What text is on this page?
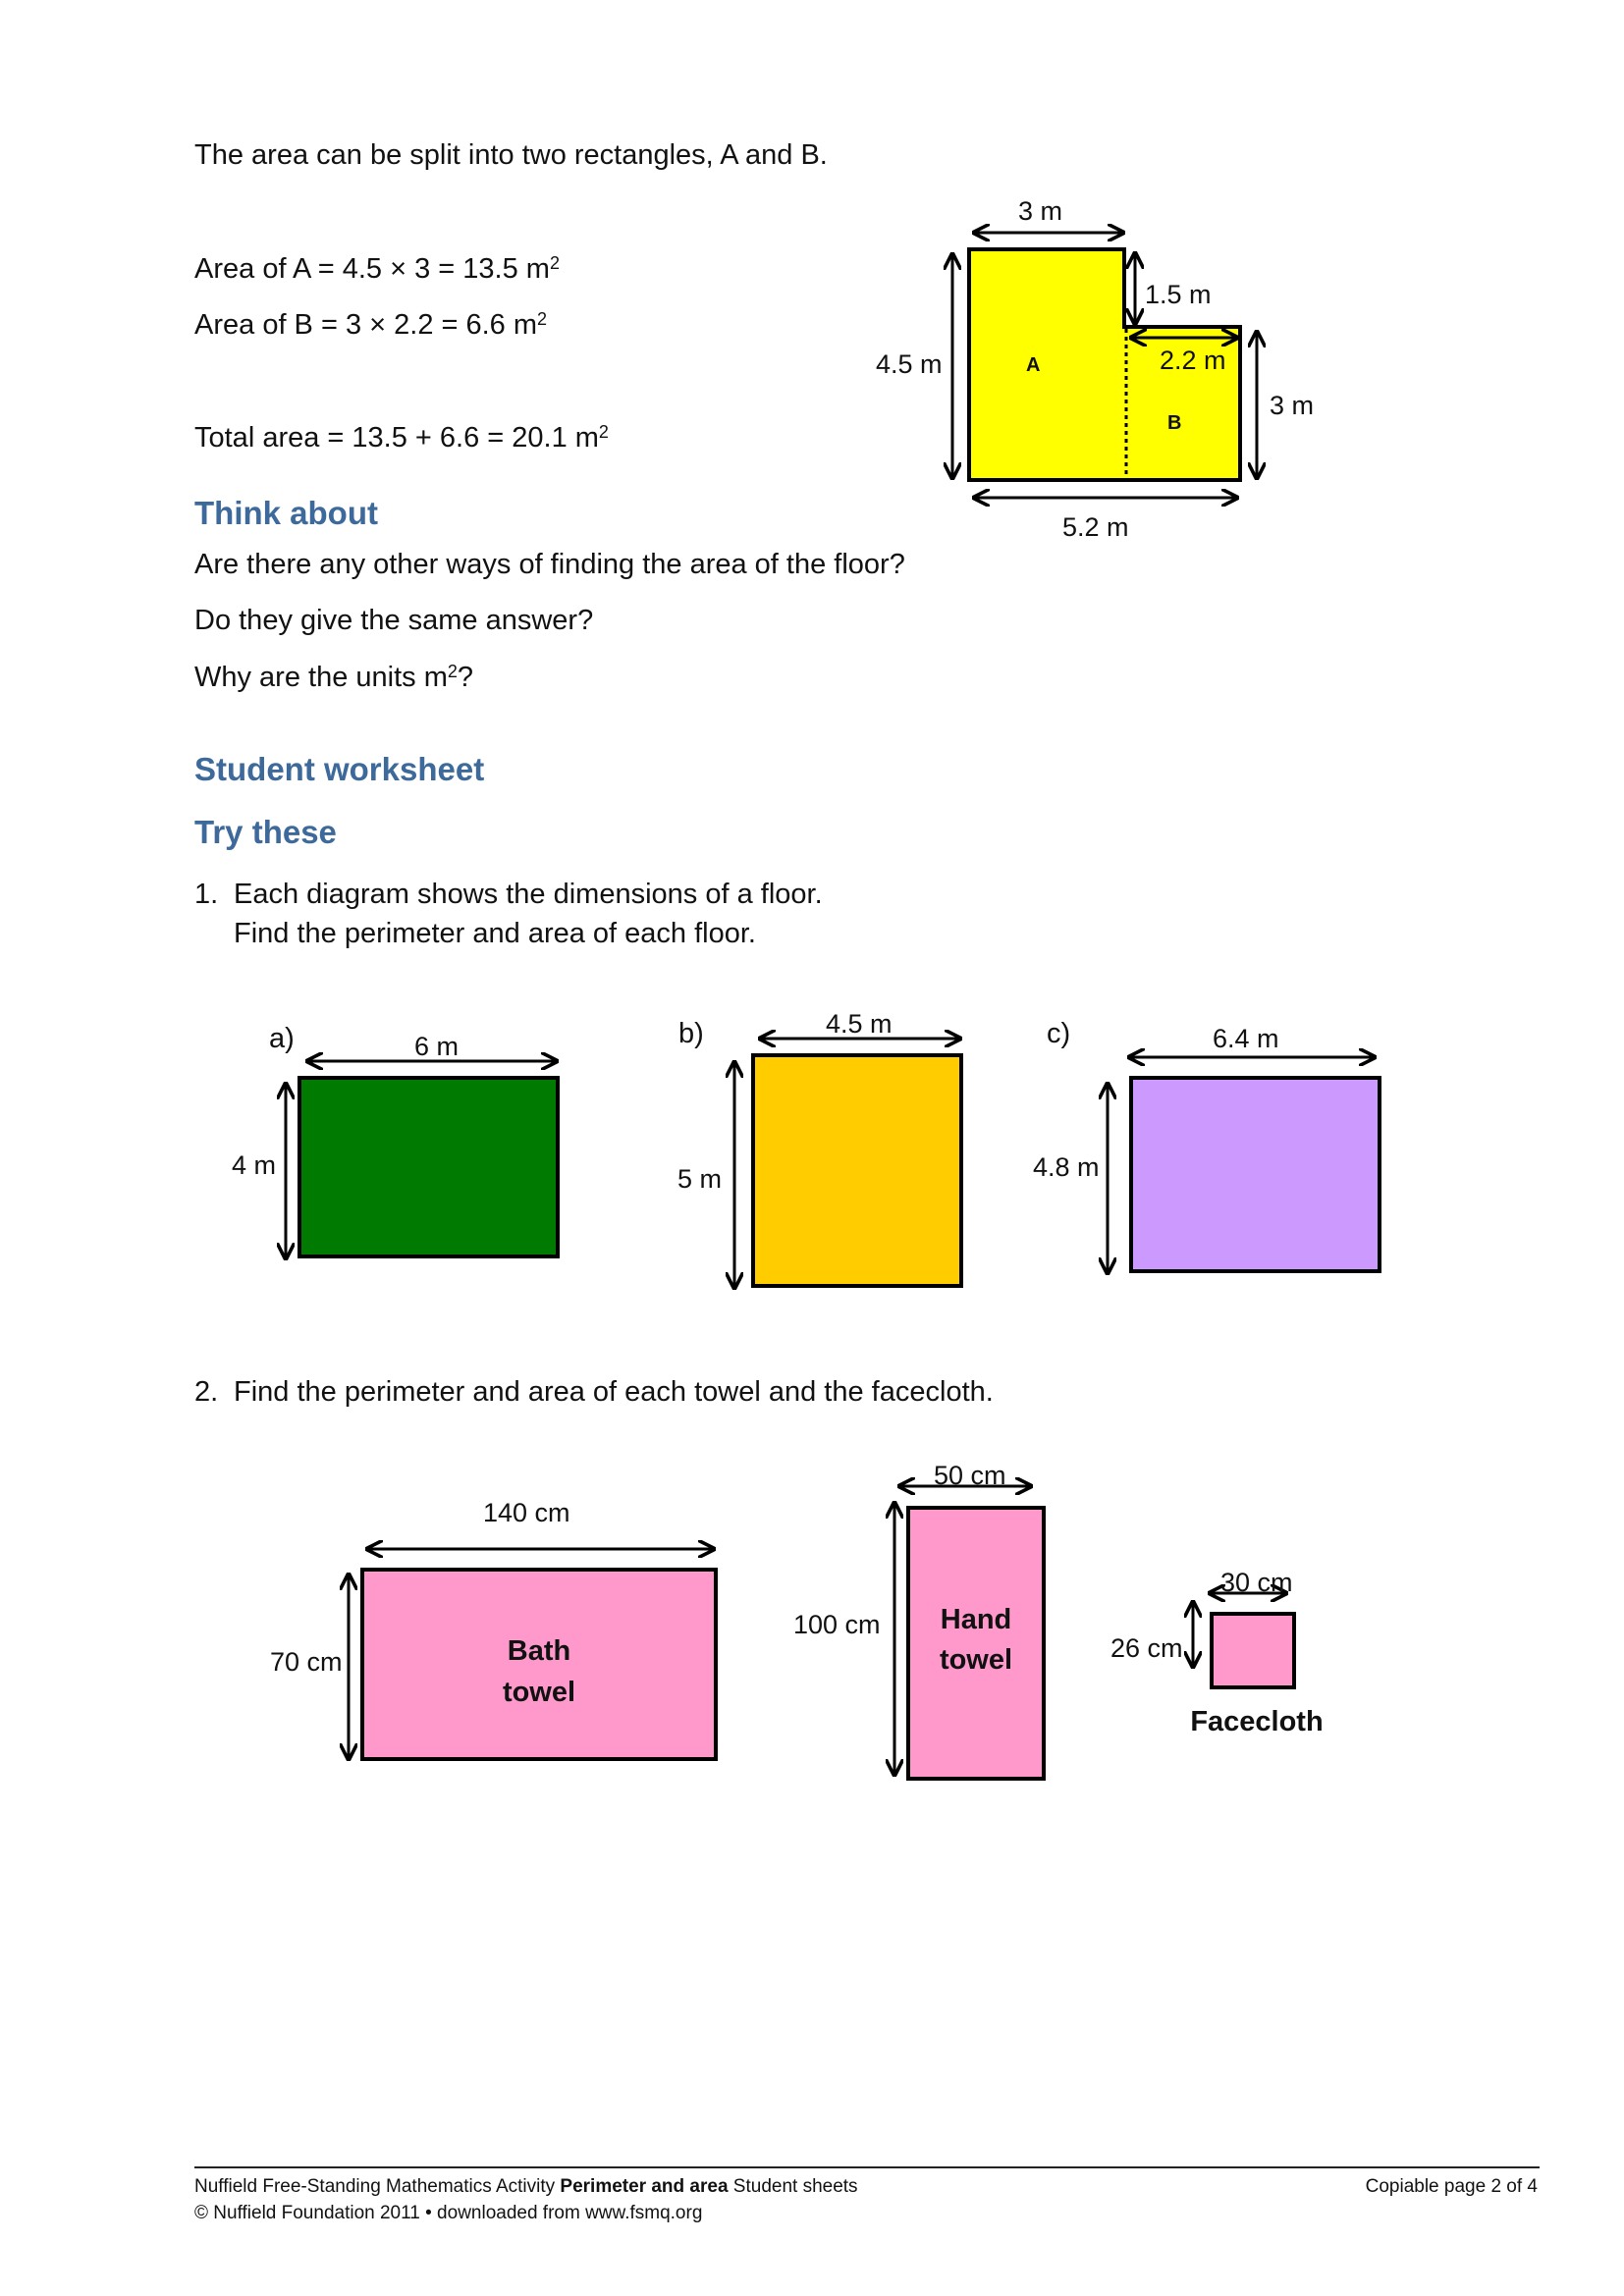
The area can be split into two rectangles, A and B.
Area of A = 4.5 × 3 = 13.5 $m^2$
Area of B = 3 × 2.2 = 6.6 $m^2$
Total area = 13.5 + 6.6 = 20.1 $m^2$
3 m
4.5 m
1.5 m
2.2 m
3 m
5.2 m
A
B
Think about
Are there any other ways of finding the area of the floor?
Do they give the same answer?
Why are the units $m^2$?
Student worksheet
Try these
1. Each diagram shows the dimensions of a floor.
Find the perimeter and area of each floor.
a)	6 m
4 m
b)	4.5 m
5 m
c)	6.4 m
4.8 m
2. Find the perimeter and area of each towel and the facecloth.
140 cm
70 cm	Bath
towel
50 cm
100 cm	Hand
towel
30 cm
26 cm
Facecloth
Nuffield Free-Standing Mathematics Activity Perimeter and area Student sheets
© Nuffield Foundation 2011 • downloaded from www.fsmq.org
Copiable page 2 of 4
